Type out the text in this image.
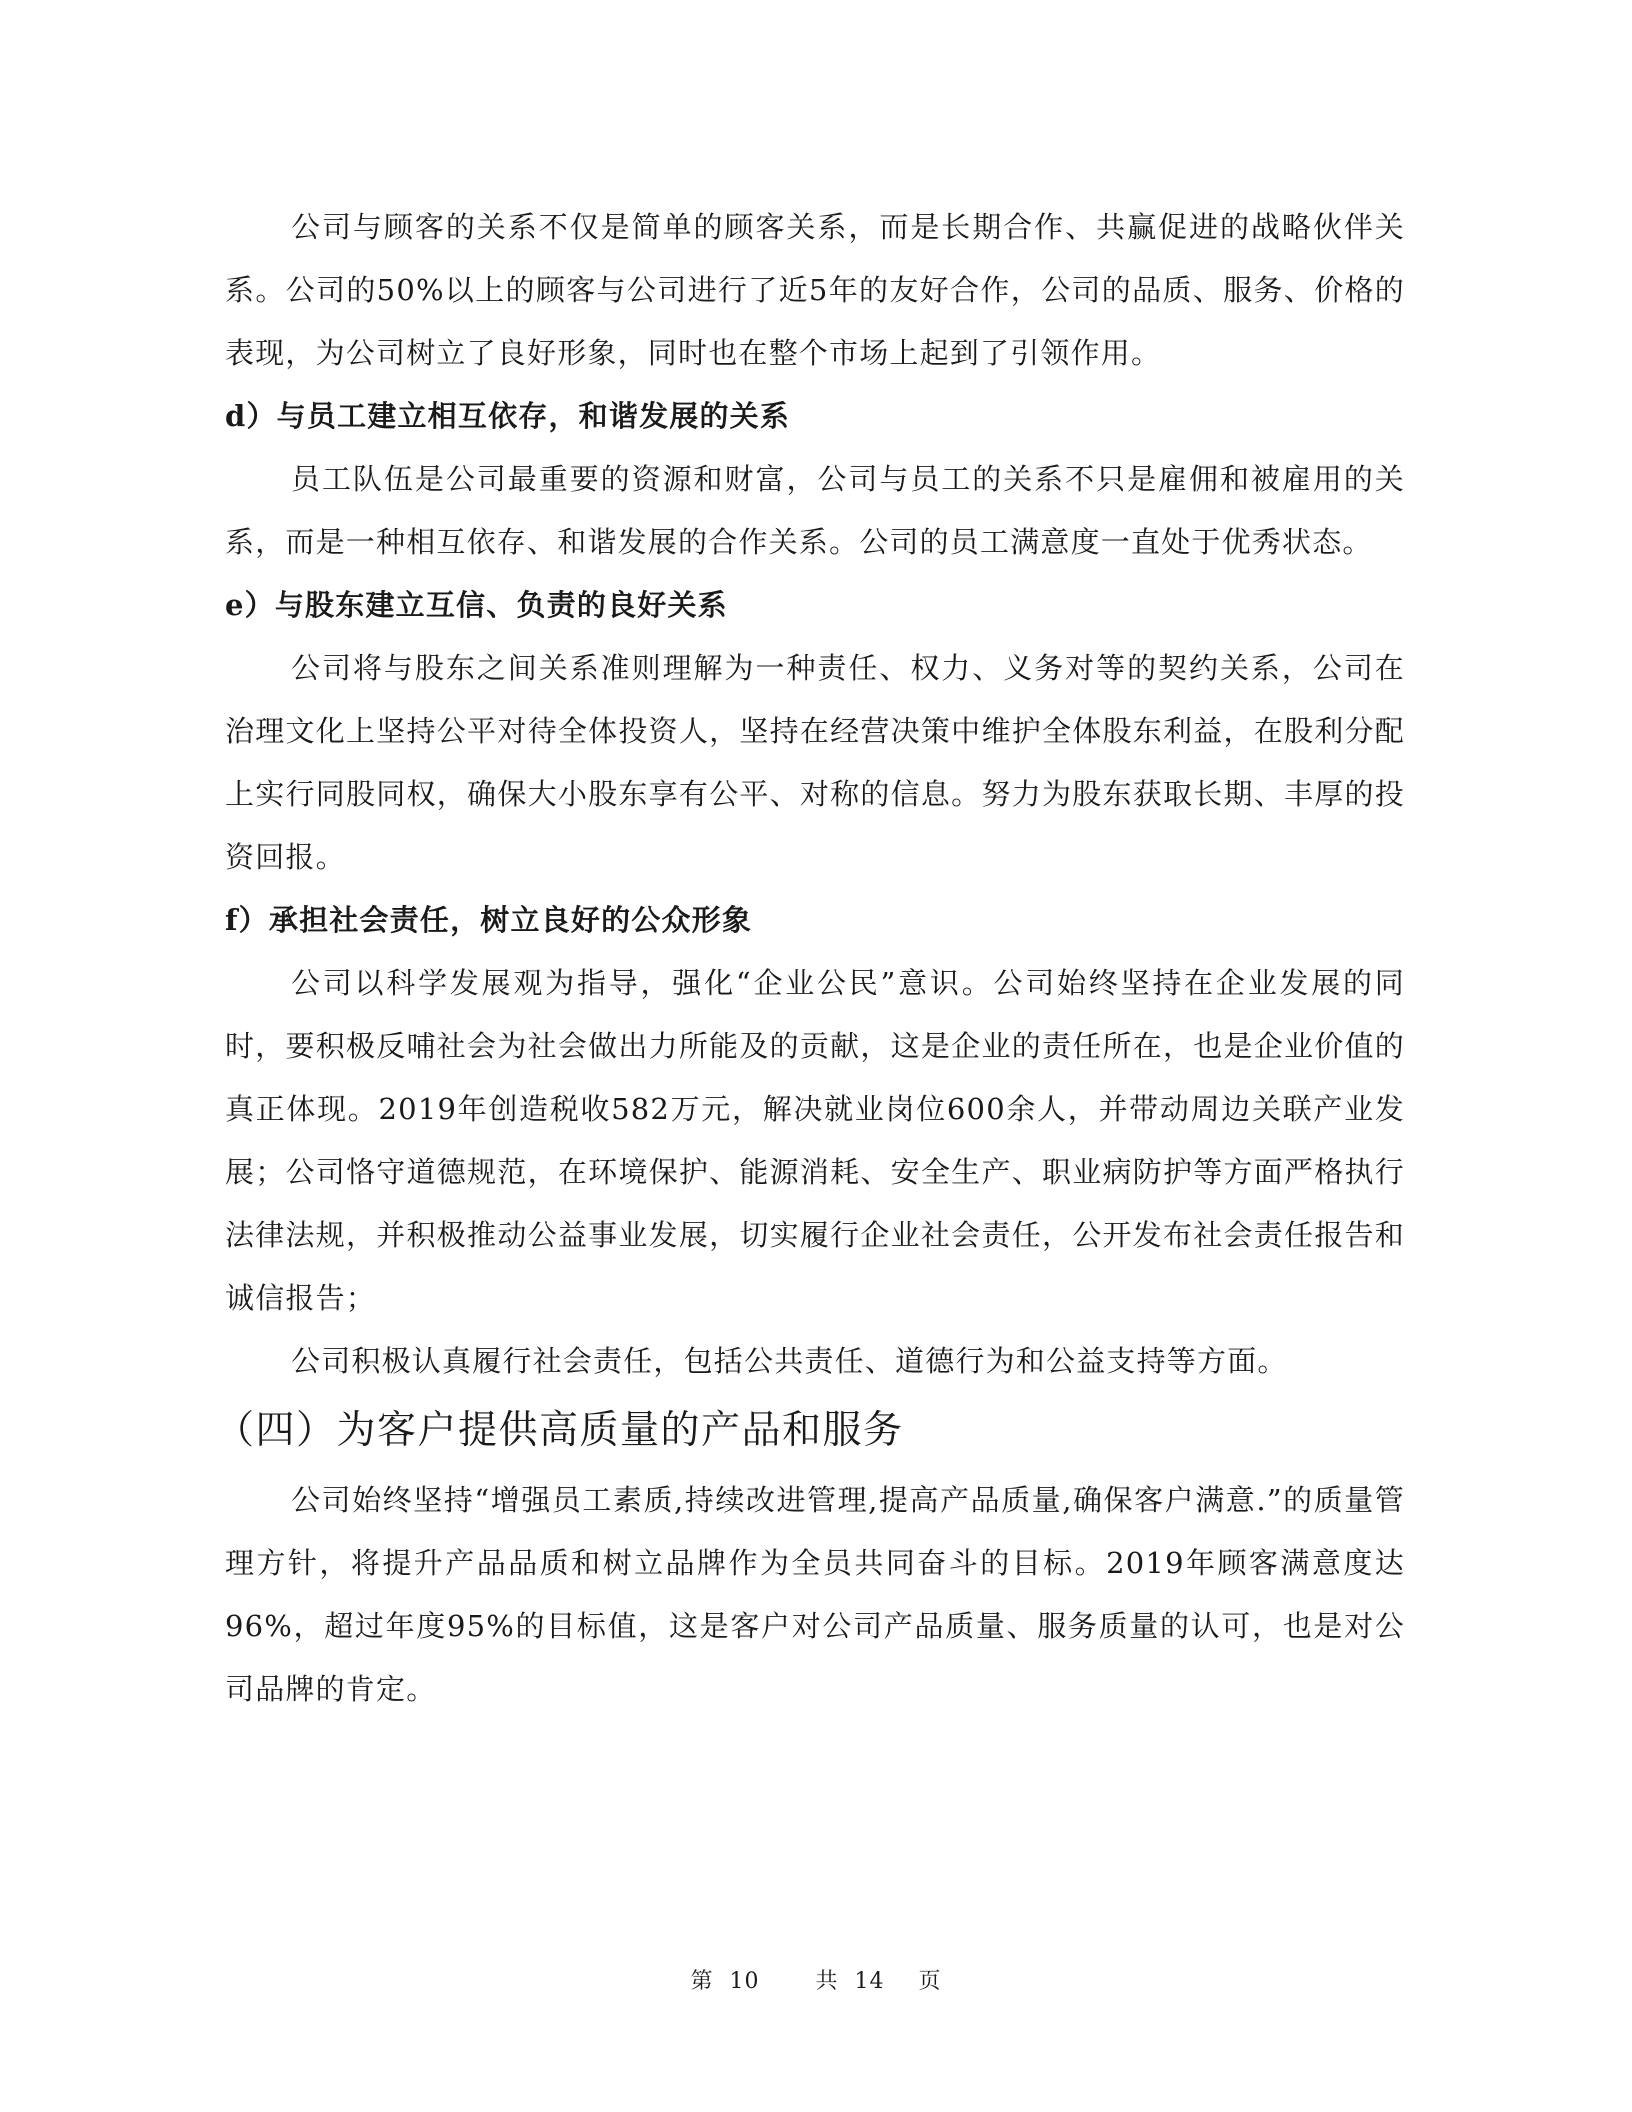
公司与顾客的关系不仅是简单的顾客关系，而是长期合作、共赢促进的战略伙伴关系。公司的50%以上的顾客与公司进行了近5年的友好合作，公司的品质、服务、价格的表现，为公司树立了良好形象，同时也在整个市场上起到了引领作用。

d）与员工建立相互依存，和谐发展的关系

员工队伍是公司最重要的资源和财富，公司与员工的关系不只是雇佣和被雇用的关系，而是一种相互依存、和谐发展的合作关系。公司的员工满意度一直处于优秀状态。

e）与股东建立互信、负责的良好关系

公司将与股东之间关系准则理解为一种责任、权力、义务对等的契约关系，公司在治理文化上坚持公平对待全体投资人，坚持在经营决策中维护全体股东利益，在股利分配上实行同股同权，确保大小股东享有公平、对称的信息。努力为股东获取长期、丰厚的投资回报。

f）承担社会责任，树立良好的公众形象

公司以科学发展观为指导，强化“企业公民”意识。公司始终坚持在企业发展的同时，要积极反哺社会为社会做出力所能及的贡献，这是企业的责任所在，也是企业价值的真正体现。2019年创造税收582万元，解决就业岗位600余人，并带动周边关联产业发展；公司恪守道德规范，在环境保护、能源消耗、安全生产、职业病防护等方面严格执行法律法规，并积极推动公益事业发展，切实履行企业社会责任，公开发布社会责任报告和诚信报告；

公司积极认真履行社会责任，包括公共责任、道德行为和公益支持等方面。

（四）为客户提供高质量的产品和服务

公司始终坚持“增强员工素质,持续改进管理,提高产品质量,确保客户满意.”的质量管理方针，将提升产品品质和树立品牌作为全员共同奋斗的目标。2019年顾客满意度达96%，超过年度95%的目标值，这是客户对公司产品质量、服务质量的认可，也是对公司品牌的肯定。

第 10	共 14 页
